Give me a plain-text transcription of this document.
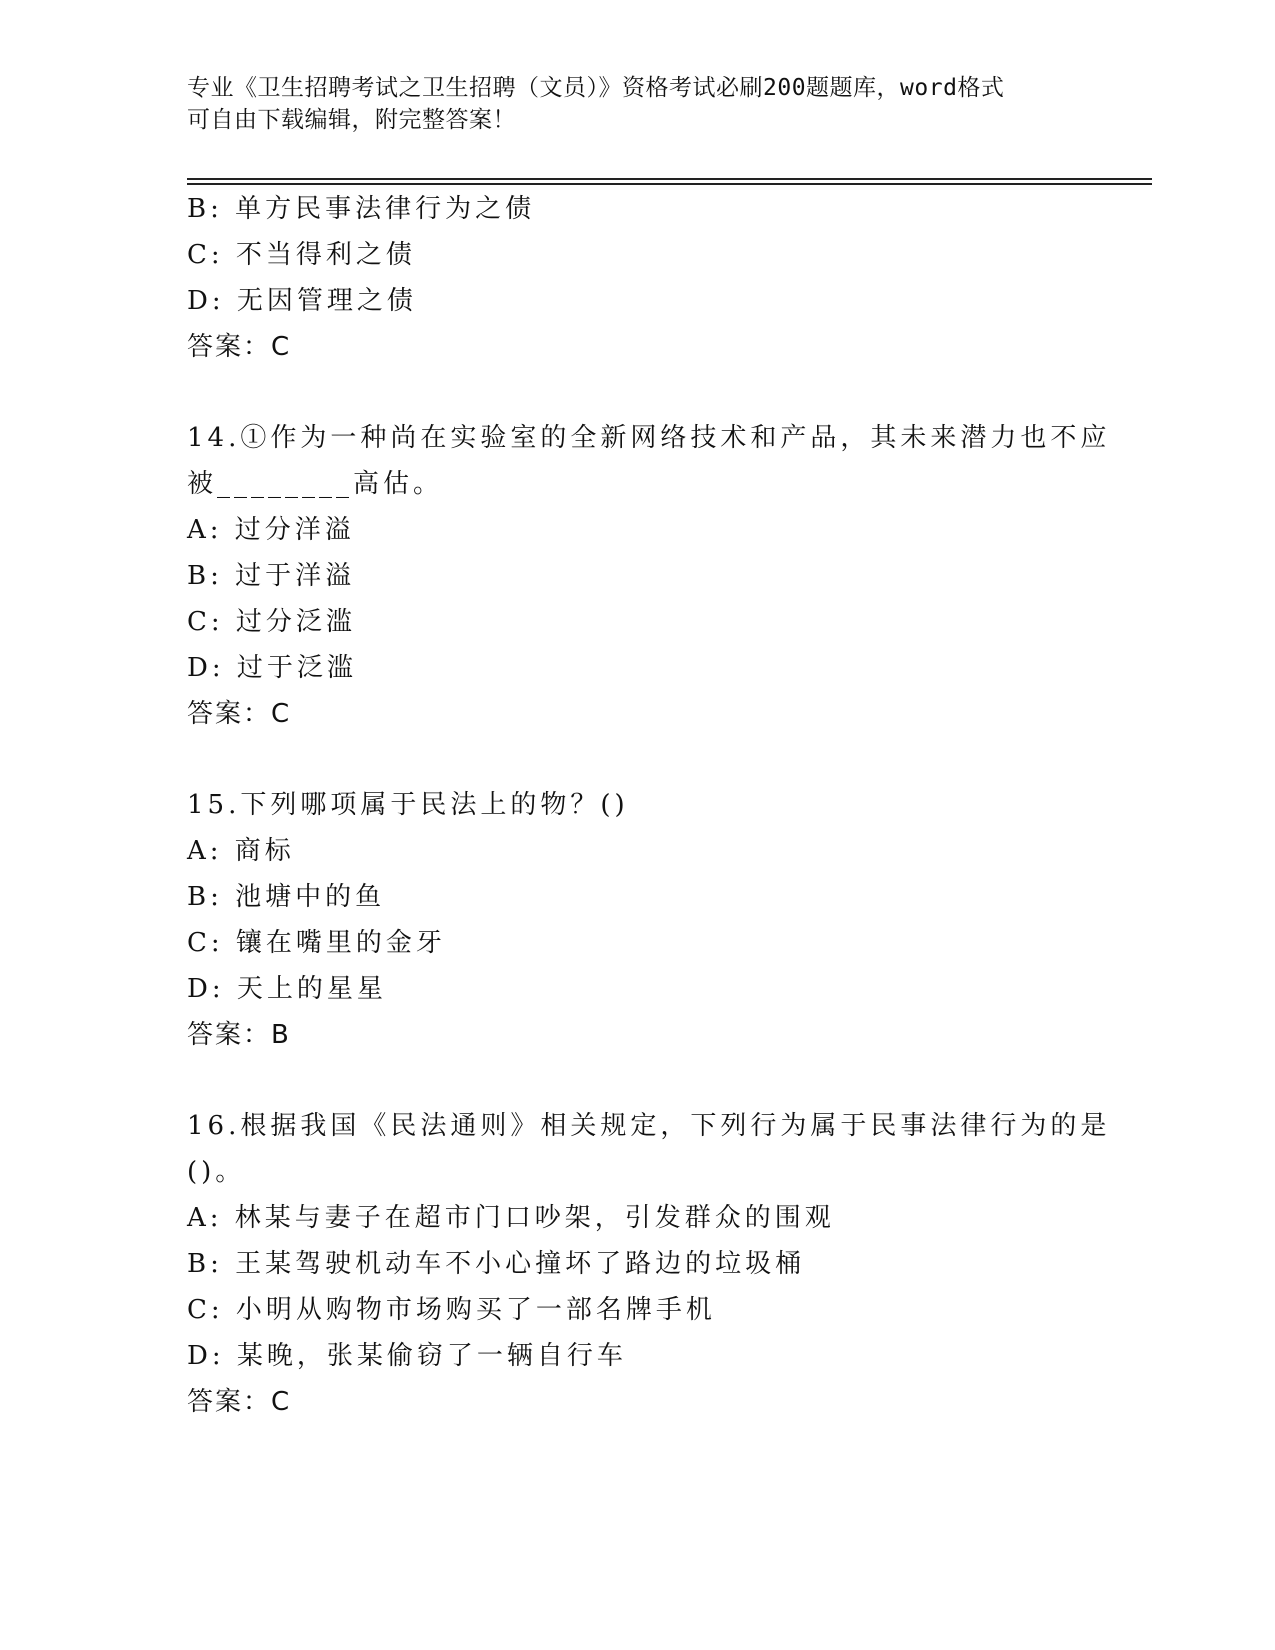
专业《卫生招聘考试之卫生招聘（文员）》资格考试必刷200题题库，word格式
可自由下载编辑，附完整答案！
B: 单方民事法律行为之债
C: 不当得利之债
D: 无因管理之债
答案：C
14.①作为一种尚在实验室的全新网络技术和产品，其未来潜力也不应
被________高估。
A: 过分洋溢
B: 过于洋溢
C: 过分泛滥
D: 过于泛滥
答案：C
15.下列哪项属于民法上的物？()
A: 商标
B: 池塘中的鱼
C: 镶在嘴里的金牙
D: 天上的星星
答案：B
16.根据我国《民法通则》相关规定，下列行为属于民事法律行为的是
()。
A: 林某与妻子在超市门口吵架，引发群众的围观
B: 王某驾驶机动车不小心撞坏了路边的垃圾桶
C: 小明从购物市场购买了一部名牌手机
D: 某晚，张某偷窃了一辆自行车
答案：C
